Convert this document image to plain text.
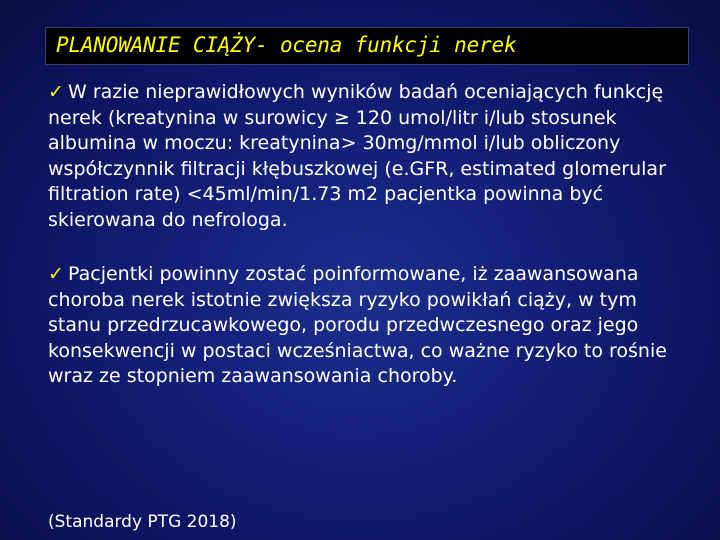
PLANOWANIE CIĄŻY- ocena funkcji nerek

✓ W razie nieprawidłowych wyników badań oceniających funkcję nerek (kreatynina w surowicy ≥ 120 umol/litr i/lub stosunek albumina w moczu: kreatynina> 30mg/mmol i/lub obliczony współczynnik filtracji kłębuszkowej (e.GFR, estimated glomerular filtration rate) <45ml/min/1.73 m2 pacjentka powinna być skierowana do nefrologa.

✓ Pacjentki powinny zostać poinformowane, iż zaawansowana choroba nerek istotnie zwiększa ryzyko powikłań ciąży, w tym stanu przedrzucawkowego, porodu przedwczesnego oraz jego konsekwencji w postaci wcześniactwa, co ważne ryzyko to rośnie wraz ze stopniem zaawansowania choroby.

(Standardy PTG 2018)
